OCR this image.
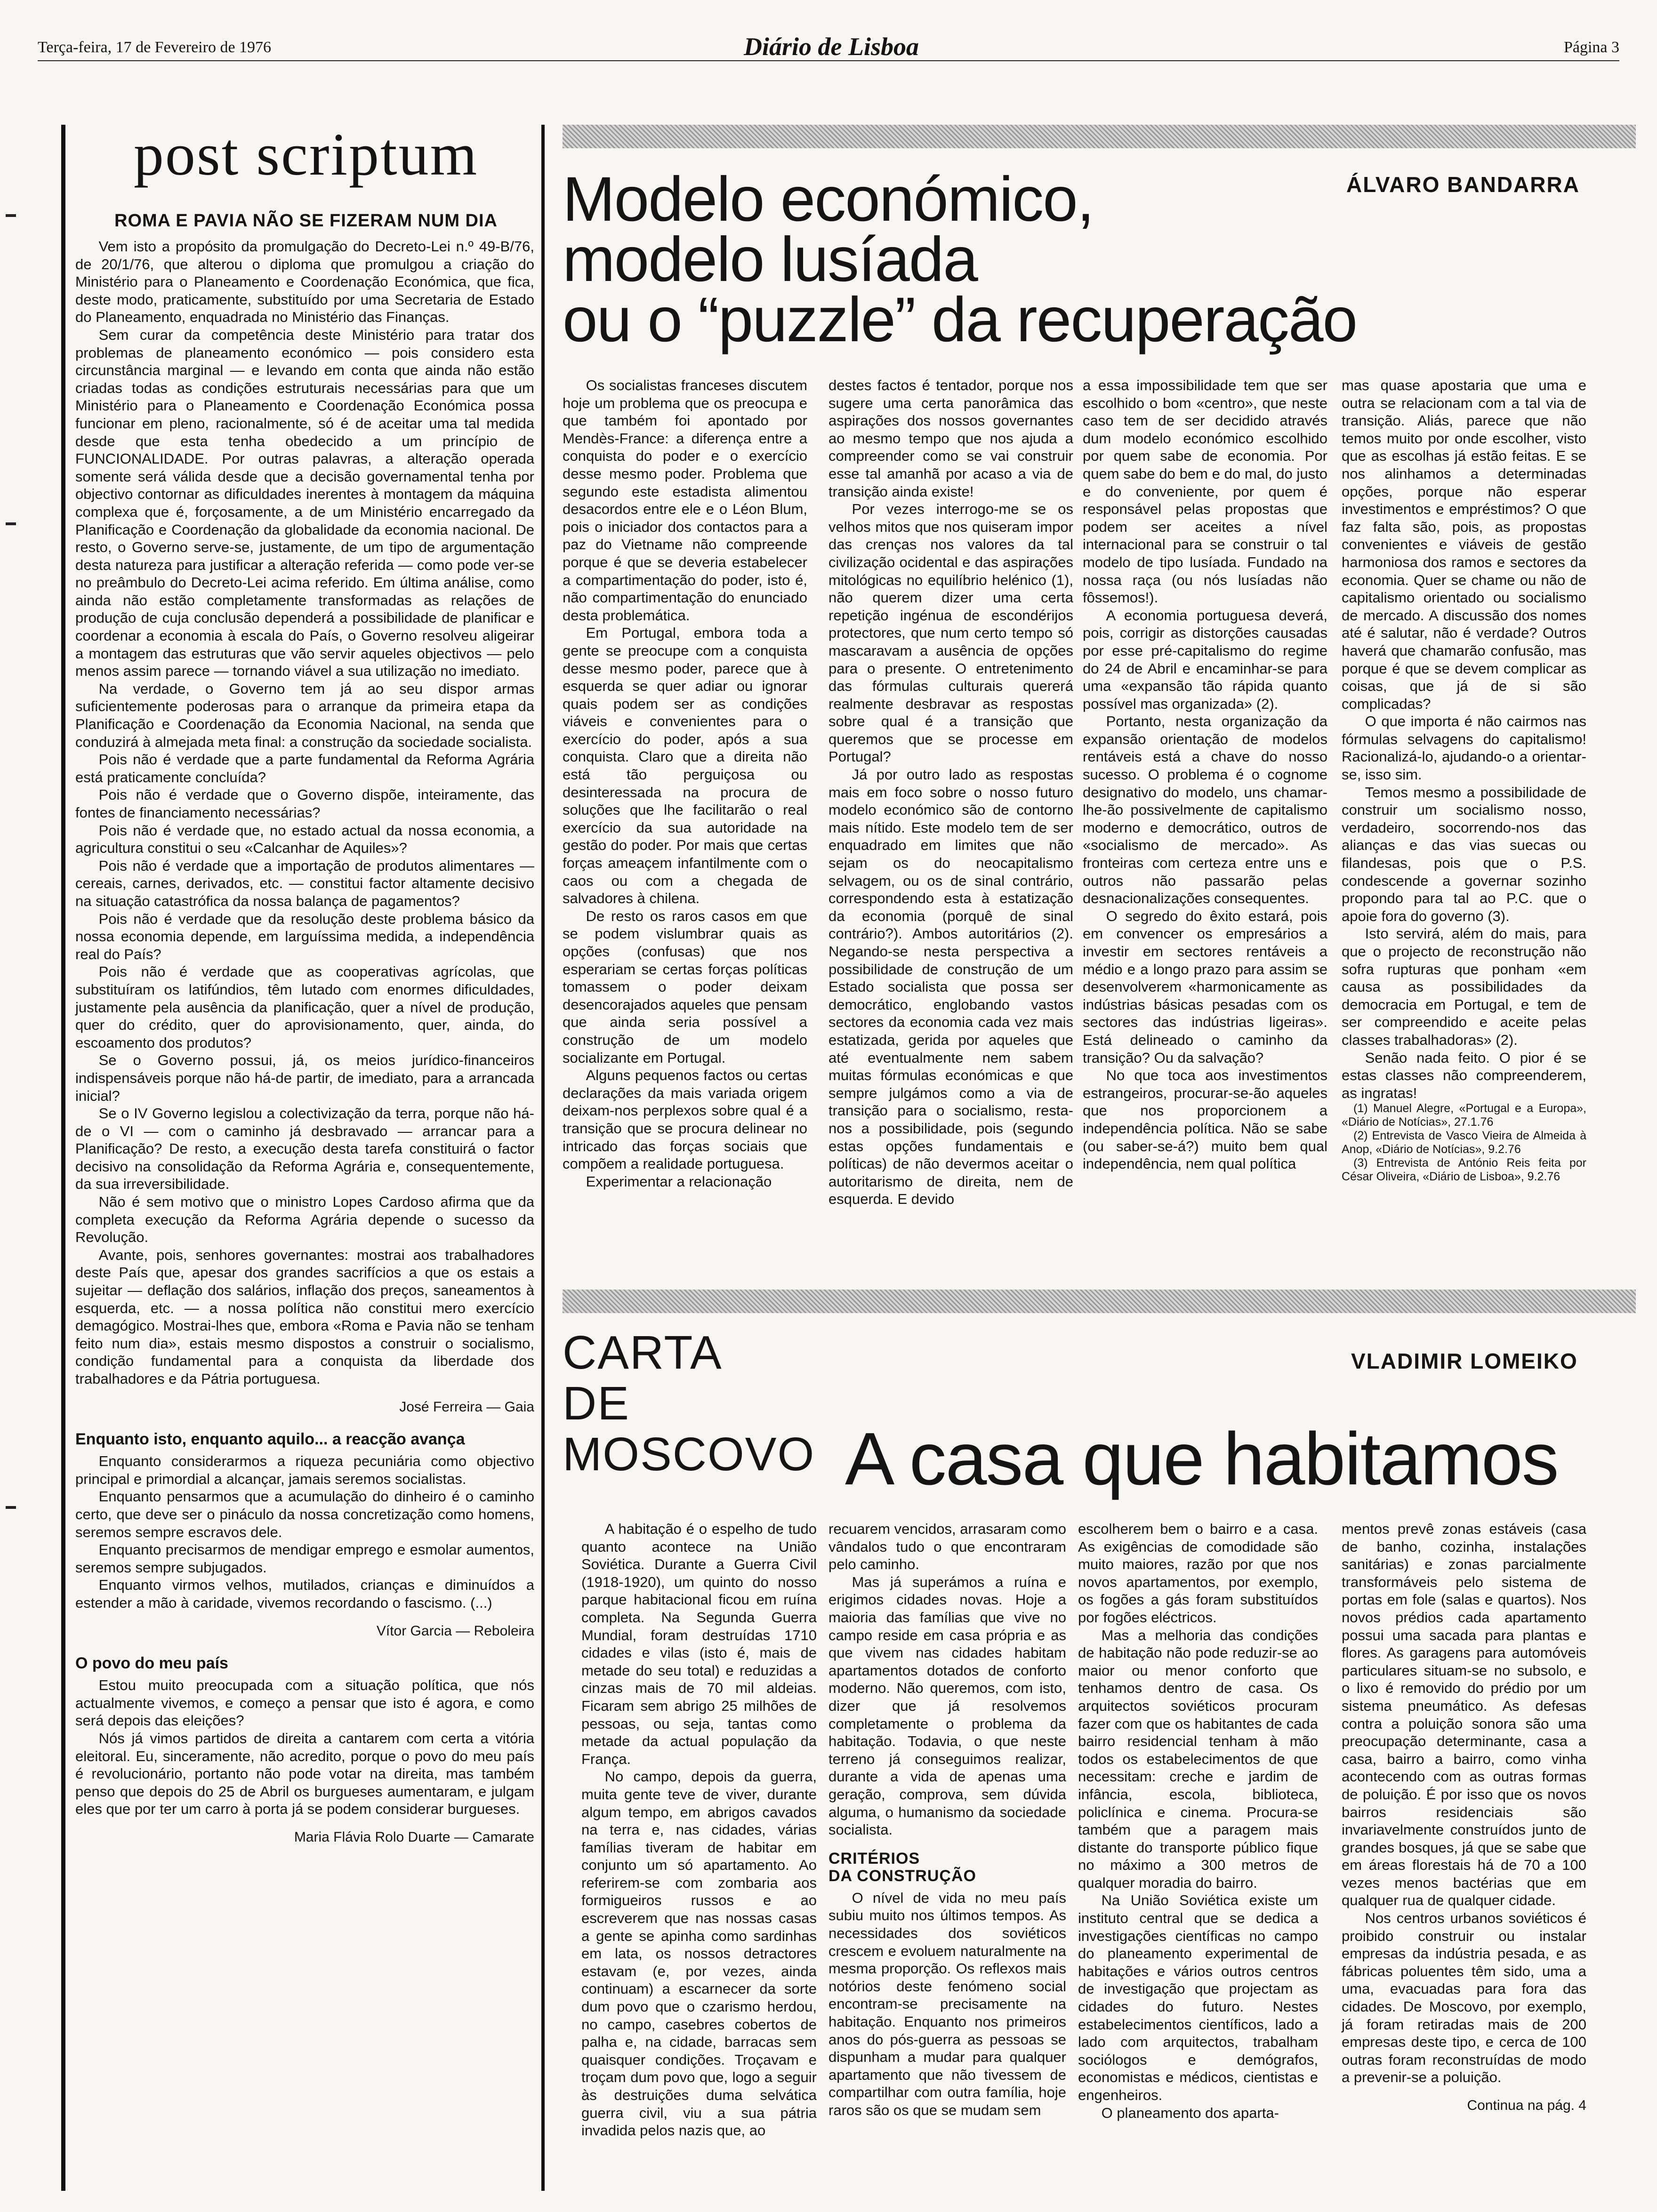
Terça-feira, 17 de Fevereiro de 1976	Diário de Lisboa	Página 3
post scriptum
ROMA E PAVIA NÃO SE FIZERAM NUM DIA

Vem isto a propósito da promulgação do Decreto-Lei n.º 49-B/76, de 20/1/76, que alterou o diploma que promulgou a criação do Ministério para o Planeamento e Coordenação Económica, que fica, deste modo, praticamente, substituído por uma Secretaria de Estado do Planeamento, enquadrada no Ministério das Finanças.

Sem curar da competência deste Ministério para tratar dos problemas de planeamento económico — pois considero esta circunstância marginal — e levando em conta que ainda não estão criadas todas as condições estruturais necessárias para que um Ministério para o Planeamento e Coordenação Económica possa funcionar em pleno, racionalmente, só é de aceitar uma tal medida desde que esta tenha obedecido a um princípio de FUNCIONALIDADE. Por outras palavras, a alteração operada somente será válida desde que a decisão governamental tenha por objectivo contornar as dificuldades inerentes à montagem da máquina complexa que é, forçosamente, a de um Ministério encarregado da Planificação e Coordenação da globalidade da economia nacional. De resto, o Governo serve-se, justamente, de um tipo de argumentação desta natureza para justificar a alteração referida — como pode ver-se no preâmbulo do Decreto-Lei acima referido. Em última análise, como ainda não estão completamente transformadas as relações de produção de cuja conclusão dependerá a possibilidade de planificar e coordenar a economia à escala do País, o Governo resolveu aligeirar a montagem das estruturas que vão servir aqueles objectivos — pelo menos assim parece — tornando viável a sua utilização no imediato.

Na verdade, o Governo tem já ao seu dispor armas suficientemente poderosas para o arranque da primeira etapa da Planificação e Coordenação da Economia Nacional, na senda que conduzirá à almejada meta final: a construção da sociedade socialista.

Pois não é verdade que a parte fundamental da Reforma Agrária está praticamente concluída?

Pois não é verdade que o Governo dispõe, inteiramente, das fontes de financiamento necessárias?

Pois não é verdade que, no estado actual da nossa economia, a agricultura constitui o seu «Calcanhar de Aquiles»?

Pois não é verdade que a importação de produtos alimentares — cereais, carnes, derivados, etc. — constitui factor altamente decisivo na situação catastrófica da nossa balança de pagamentos?

Pois não é verdade que da resolução deste problema básico da nossa economia depende, em larguíssima medida, a independência real do País?

Pois não é verdade que as cooperativas agrícolas, que substituíram os latifúndios, têm lutado com enormes dificuldades, justamente pela ausência da planificação, quer a nível de produção, quer do crédito, quer do aprovisionamento, quer, ainda, do escoamento dos produtos?

Se o Governo possui, já, os meios jurídico-financeiros indispensáveis porque não há-de partir, de imediato, para a arrancada inicial?

Se o IV Governo legislou a colectivização da terra, porque não há-de o VI — com o caminho já desbravado — arrancar para a Planificação? De resto, a execução desta tarefa constituirá o factor decisivo na consolidação da Reforma Agrária e, consequentemente, da sua irreversibilidade.

Não é sem motivo que o ministro Lopes Cardoso afirma que da completa execução da Reforma Agrária depende o sucesso da Revolução.

Avante, pois, senhores governantes: mostrai aos trabalhadores deste País que, apesar dos grandes sacrifícios a que os estais a sujeitar — deflação dos salários, inflação dos preços, saneamentos à esquerda, etc. — a nossa política não constitui mero exercício demagógico. Mostrai-lhes que, embora «Roma e Pavia não se tenham feito num dia», estais mesmo dispostos a construir o socialismo, condição fundamental para a conquista da liberdade dos trabalhadores e da Pátria portuguesa.

José Ferreira — Gaia

Enquanto isto, enquanto aquilo... a reacção avança

Enquanto considerarmos a riqueza pecuniária como objectivo principal e primordial a alcançar, jamais seremos socialistas.

Enquanto pensarmos que a acumulação do dinheiro é o caminho certo, que deve ser o pináculo da nossa concretização como homens, seremos sempre escravos dele.

Enquanto precisarmos de mendigar emprego e esmolar aumentos, seremos sempre subjugados.

Enquanto virmos velhos, mutilados, crianças e diminuídos a estender a mão à caridade, vivemos recordando o fascismo. (...)

Vítor Garcia — Reboleira

O povo do meu país

Estou muito preocupada com a situação política, que nós actualmente vivemos, e começo a pensar que isto é agora, e como será depois das eleições?

Nós já vimos partidos de direita a cantarem com certa a vitória eleitoral. Eu, sinceramente, não acredito, porque o povo do meu país é revolucionário, portanto não pode votar na direita, mas também penso que depois do 25 de Abril os burgueses aumentaram, e julgam eles que por ter um carro à porta já se podem considerar burgueses.

Maria Flávia Rolo Duarte — Camarate

Modelo económico,
modelo lusíada
ou o “puzzle” da recuperação
ÁLVARO BANDARRA

Os socialistas franceses discutem hoje um problema que os preocupa e que também foi apontado por Mendès-France: a diferença entre a conquista do poder e o exercício desse mesmo poder. Problema que segundo este estadista alimentou desacordos entre ele e o Léon Blum, pois o iniciador dos contactos para a paz do Vietname não compreende porque é que se deveria estabelecer a compartimentação do poder, isto é, não compartimentação do enunciado desta problemática.

Em Portugal, embora toda a gente se preocupe com a conquista desse mesmo poder, parece que à esquerda se quer adiar ou ignorar quais podem ser as condições viáveis e convenientes para o exercício do poder, após a sua conquista. Claro que a direita não está tão perguiçosa ou desinteressada na procura de soluções que lhe facilitarão o real exercício da sua autoridade na gestão do poder. Por mais que certas forças ameaçem infantilmente com o caos ou com a chegada de salvadores à chilena.

De resto os raros casos em que se podem vislumbrar quais as opções (confusas) que nos esperariam se certas forças políticas tomassem o poder deixam desencorajados aqueles que pensam que ainda seria possível a construção de um modelo socializante em Portugal.

Alguns pequenos factos ou certas declarações da mais variada origem deixam-nos perplexos sobre qual é a transição que se procura delinear no intricado das forças sociais que compõem a realidade portuguesa.

Experimentar a relacionação

destes factos é tentador, porque nos sugere uma certa panorâmica das aspirações dos nossos governantes ao mesmo tempo que nos ajuda a compreender como se vai construir esse tal amanhã por acaso a via de transição ainda existe!

Por vezes interrogo-me se os velhos mitos que nos quiseram impor das crenças nos valores da tal civilização ocidental e das aspirações mitológicas no equilíbrio helénico (1), não querem dizer uma certa repetição ingénua de escondérijos protectores, que num certo tempo só mascaravam a ausência de opções para o presente. O entretenimento das fórmulas culturais quererá realmente desbravar as respostas sobre qual é a transição que queremos que se processe em Portugal?

Já por outro lado as respostas mais em foco sobre o nosso futuro modelo económico são de contorno mais nítido. Este modelo tem de ser enquadrado em limites que não sejam os do neocapitalismo selvagem, ou os de sinal contrário, correspondendo esta à estatização da economia (porquê de sinal contrário?). Ambos autoritários (2). Negando-se nesta perspectiva a possibilidade de construção de um Estado socialista que possa ser democrático, englobando vastos sectores da economia cada vez mais estatizada, gerida por aqueles que até eventualmente nem sabem muitas fórmulas económicas e que sempre julgámos como a via de transição para o socialismo, resta-nos a possibilidade, pois (segundo estas opções fundamentais e políticas) de não devermos aceitar o autoritarismo de direita, nem de esquerda. E devido

a essa impossibilidade tem que ser escolhido o bom «centro», que neste caso tem de ser decidido através dum modelo económico escolhido por quem sabe de economia. Por quem sabe do bem e do mal, do justo e do conveniente, por quem é responsável pelas propostas que podem ser aceites a nível internacional para se construir o tal modelo de tipo lusíada. Fundado na nossa raça (ou nós lusíadas não fôssemos!).

A economia portuguesa deverá, pois, corrigir as distorções causadas por esse pré-capitalismo do regime do 24 de Abril e encaminhar-se para uma «expansão tão rápida quanto possível mas organizada» (2).

Portanto, nesta organização da expansão orientação de modelos rentáveis está a chave do nosso sucesso. O problema é o cognome designativo do modelo, uns chamar-lhe-ão possivelmente de capitalismo moderno e democrático, outros de «socialismo de mercado». As fronteiras com certeza entre uns e outros não passarão pelas desnacionalizações consequentes.

O segredo do êxito estará, pois em convencer os empresários a investir em sectores rentáveis a médio e a longo prazo para assim se desenvolverem «harmonicamente as indústrias básicas pesadas com os sectores das indústrias ligeiras». Está delineado o caminho da transição? Ou da salvação?

No que toca aos investimentos estrangeiros, procurar-se-ão aqueles que nos proporcionem a independência política. Não se sabe (ou saber-se-á?) muito bem qual independência, nem qual política

mas quase apostaria que uma e outra se relacionam com a tal via de transição. Aliás, parece que não temos muito por onde escolher, visto que as escolhas já estão feitas. E se nos alinhamos a determinadas opções, porque não esperar investimentos e empréstimos? O que faz falta são, pois, as propostas convenientes e viáveis de gestão harmoniosa dos ramos e sectores da economia. Quer se chame ou não de capitalismo orientado ou socialismo de mercado. A discussão dos nomes até é salutar, não é verdade? Outros haverá que chamarão confusão, mas porque é que se devem complicar as coisas, que já de si são complicadas?

O que importa é não cairmos nas fórmulas selvagens do capitalismo! Racionalizá-lo, ajudando-o a orientar-se, isso sim.

Temos mesmo a possibilidade de construir um socialismo nosso, verdadeiro, socorrendo-nos das alianças e das vias suecas ou filandesas, pois que o P.S. condescende a governar sozinho propondo para tal ao P.C. que o apoie fora do governo (3).

Isto servirá, além do mais, para que o projecto de reconstrução não sofra rupturas que ponham «em causa as possibilidades da democracia em Portugal, e tem de ser compreendido e aceite pelas classes trabalhadoras» (2).

Senão nada feito. O pior é se estas classes não compreenderem, as ingratas!

(1) Manuel Alegre, «Portugal e a Europa», «Diário de Notícias», 27.1.76

(2) Entrevista de Vasco Vieira de Almeida à Anop, «Diário de Notícias», 9.2.76

(3) Entrevista de António Reis feita por César Oliveira, «Diário de Lisboa», 9.2.76

CARTA
DE
MOSCOVO A casa que habitamos
VLADIMIR LOMEIKO

A habitação é o espelho de tudo quanto acontece na União Soviética. Durante a Guerra Civil (1918-1920), um quinto do nosso parque habitacional ficou em ruína completa. Na Segunda Guerra Mundial, foram destruídas 1710 cidades e vilas (isto é, mais de metade do seu total) e reduzidas a cinzas mais de 70 mil aldeias. Ficaram sem abrigo 25 milhões de pessoas, ou seja, tantas como metade da actual população da França.

No campo, depois da guerra, muita gente teve de viver, durante algum tempo, em abrigos cavados na terra e, nas cidades, várias famílias tiveram de habitar em conjunto um só apartamento. Ao referirem-se com zombaria aos formigueiros russos e ao escreverem que nas nossas casas a gente se apinha como sardinhas em lata, os nossos detractores estavam (e, por vezes, ainda continuam) a escarnecer da sorte dum povo que o czarismo herdou, no campo, casebres cobertos de palha e, na cidade, barracas sem quaisquer condições. Troçavam e troçam dum povo que, logo a seguir às destruições duma selvática guerra civil, viu a sua pátria invadida pelos nazis que, ao

recuarem vencidos, arrasaram como vândalos tudo o que encontraram pelo caminho.

Mas já superámos a ruína e erigimos cidades novas. Hoje a maioria das famílias que vive no campo reside em casa própria e as que vivem nas cidades habitam apartamentos dotados de conforto moderno. Não queremos, com isto, dizer que já resolvemos completamente o problema da habitação. Todavia, o que neste terreno já conseguimos realizar, durante a vida de apenas uma geração, comprova, sem dúvida alguma, o humanismo da sociedade socialista.

CRITÉRIOS
DA CONSTRUÇÃO

O nível de vida no meu país subiu muito nos últimos tempos. As necessidades dos soviéticos crescem e evoluem naturalmente na mesma proporção. Os reflexos mais notórios deste fenómeno social encontram-se precisamente na habitação. Enquanto nos primeiros anos do pós-guerra as pessoas se dispunham a mudar para qualquer apartamento que não tivessem de compartilhar com outra família, hoje raros são os que se mudam sem

escolherem bem o bairro e a casa. As exigências de comodidade são muito maiores, razão por que nos novos apartamentos, por exemplo, os fogões a gás foram substituídos por fogões eléctricos.

Mas a melhoria das condições de habitação não pode reduzir-se ao maior ou menor conforto que tenhamos dentro de casa. Os arquitectos soviéticos procuram fazer com que os habitantes de cada bairro residencial tenham à mão todos os estabelecimentos de que necessitam: creche e jardim de infância, escola, biblioteca, policlínica e cinema. Procura-se também que a paragem mais distante do transporte público fique no máximo a 300 metros de qualquer moradia do bairro.

Na União Soviética existe um instituto central que se dedica a investigações científicas no campo do planeamento experimental de habitações e vários outros centros de investigação que projectam as cidades do futuro. Nestes estabelecimentos científicos, lado a lado com arquitectos, trabalham sociólogos e demógrafos, economistas e médicos, cientistas e engenheiros.

O planeamento dos aparta-

mentos prevê zonas estáveis (casa de banho, cozinha, instalações sanitárias) e zonas parcialmente transformáveis pelo sistema de portas em fole (salas e quartos). Nos novos prédios cada apartamento possui uma sacada para plantas e flores. As garagens para automóveis particulares situam-se no subsolo, e o lixo é removido do prédio por um sistema pneumático. As defesas contra a poluição sonora são uma preocupação determinante, casa a casa, bairro a bairro, como vinha acontecendo com as outras formas de poluição. É por isso que os novos bairros residenciais são invariavelmente construídos junto de grandes bosques, já que se sabe que em áreas florestais há de 70 a 100 vezes menos bactérias que em qualquer rua de qualquer cidade.

Nos centros urbanos soviéticos é proibido construir ou instalar empresas da indústria pesada, e as fábricas poluentes têm sido, uma a uma, evacuadas para fora das cidades. De Moscovo, por exemplo, já foram retiradas mais de 200 empresas deste tipo, e cerca de 100 outras foram reconstruídas de modo a prevenir-se a poluição.

Continua na pág. 4
